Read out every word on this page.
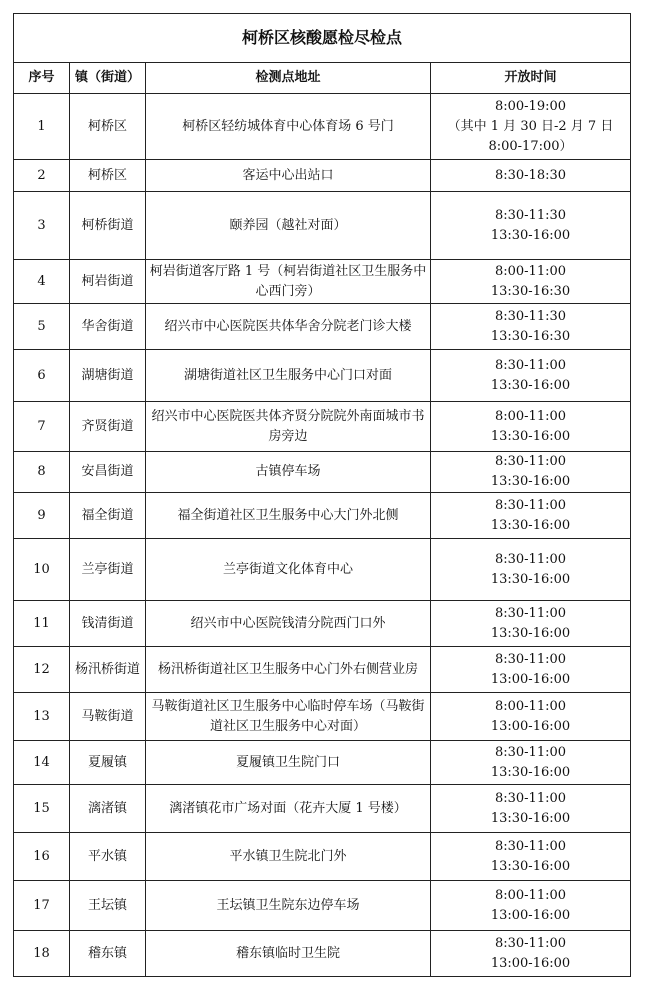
柯桥区核酸愿检尽检点			
序号	镇（街道）	检测点地址	开放时间
1	柯桥区	柯桥区轻纺城体育中心体育场 6 号门	8:00-19:00
（其中 1 月 30 日-2 月 7 日
8:00-17:00）

2	柯桥区	客运中心出站口	8:30-18:30

3	柯桥街道	颐养园（越社对面）	8:30-11:30
13:30-16:00

4	柯岩街道	柯岩街道客厅路 1 号（柯岩街道社区卫生服务中心西门旁）	8:00-11:00
13:30-16:30

5	华舍街道	绍兴市中心医院医共体华舍分院老门诊大楼	8:30-11:30
13:30-16:30

6	湖塘街道	湖塘街道社区卫生服务中心门口对面	8:30-11:00
13:30-16:00

7	齐贤街道	绍兴市中心医院医共体齐贤分院院外南面城市书房旁边	8:00-11:00
13:30-16:00

8	安昌街道	古镇停车场	8:30-11:00
13:30-16:00

9	福全街道	福全街道社区卫生服务中心大门外北侧	8:30-11:00
13:30-16:00

10	兰亭街道	兰亭街道文化体育中心	8:30-11:00
13:30-16:00

11	钱清街道	绍兴市中心医院钱清分院西门口外	8:30-11:00
13:30-16:00

12	杨汛桥街道	杨汛桥街道社区卫生服务中心门外右侧营业房	8:30-11:00
13:00-16:00

13	马鞍街道	马鞍街道社区卫生服务中心临时停车场（马鞍街道社区卫生服务中心对面）	8:00-11:00
13:00-16:00

14	夏履镇	夏履镇卫生院门口	8:30-11:00
13:30-16:00

15	漓渚镇	漓渚镇花市广场对面（花卉大厦 1 号楼）	8:30-11:00
13:30-16:00

16	平水镇	平水镇卫生院北门外	8:30-11:00
13:30-16:00

17	王坛镇	王坛镇卫生院东边停车场	8:00-11:00
13:00-16:00

18	稽东镇	稽东镇临时卫生院	8:30-11:00
13:00-16:00
